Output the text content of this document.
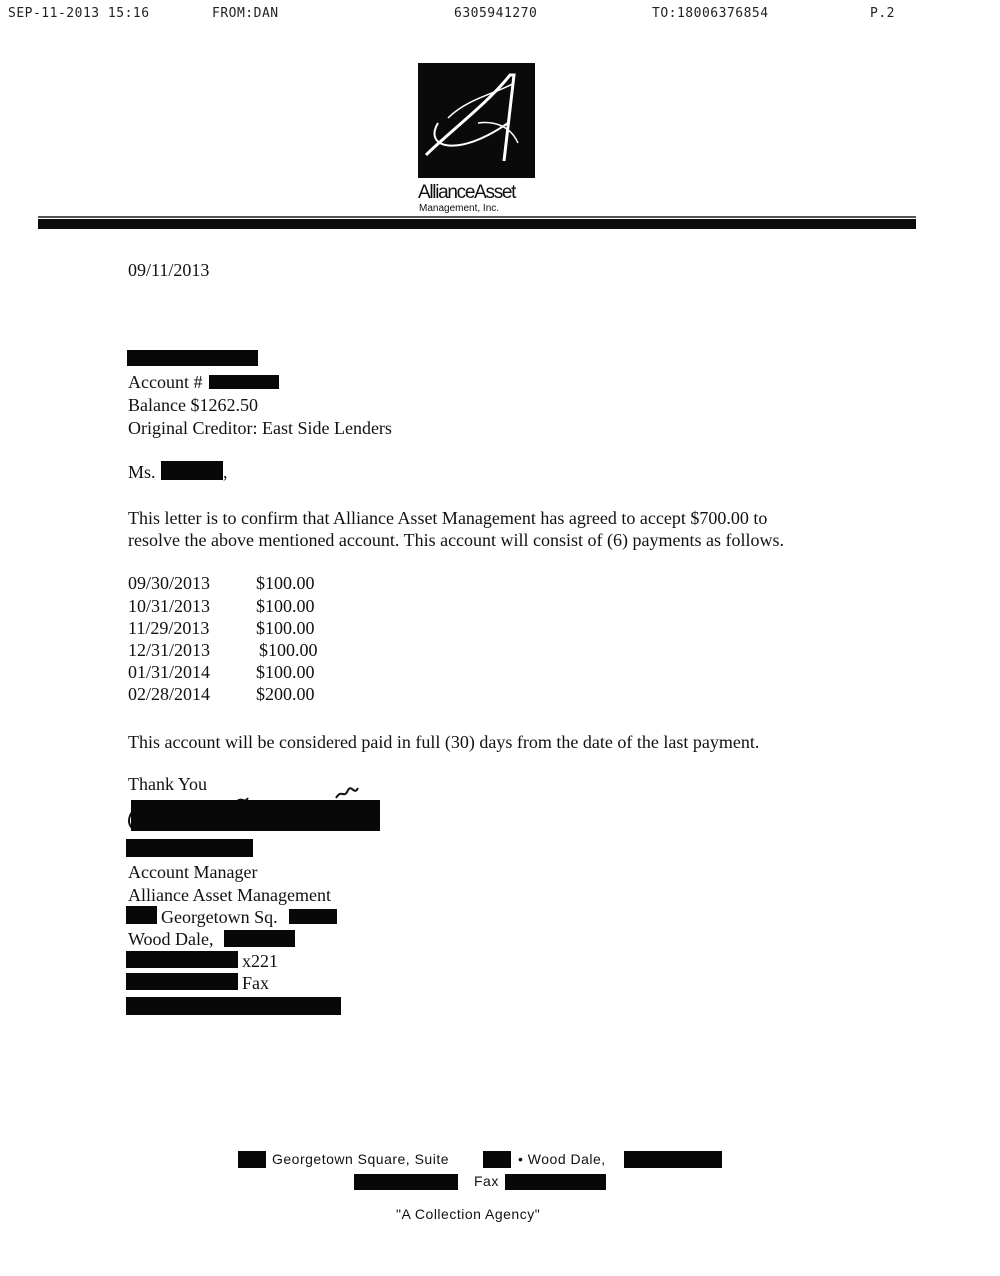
SEP-11-2013 15:16	FROM:DAN	6305941270	TO:18006376854	P.2
AllianceAsset
Management, Inc.
09/11/2013
Account #
Balance $1262.50
Original Creditor: East Side Lenders
Ms.	,
This letter is to confirm that Alliance Asset Management has agreed to accept $700.00 to
resolve the above mentioned account. This account will consist of (6) payments as follows.
09/30/2013	$100.00
10/31/2013	$100.00
11/29/2013	$100.00
12/31/2013	$100.00
01/31/2014	$100.00
02/28/2014	$200.00
This account will be considered paid in full (30) days from the date of the last payment.
Thank You
Account Manager
Alliance Asset Management
Georgetown Sq.
Wood Dale,
x221
Fax
Georgetown Square, Suite	• Wood Dale,
Fax
"A Collection Agency"
